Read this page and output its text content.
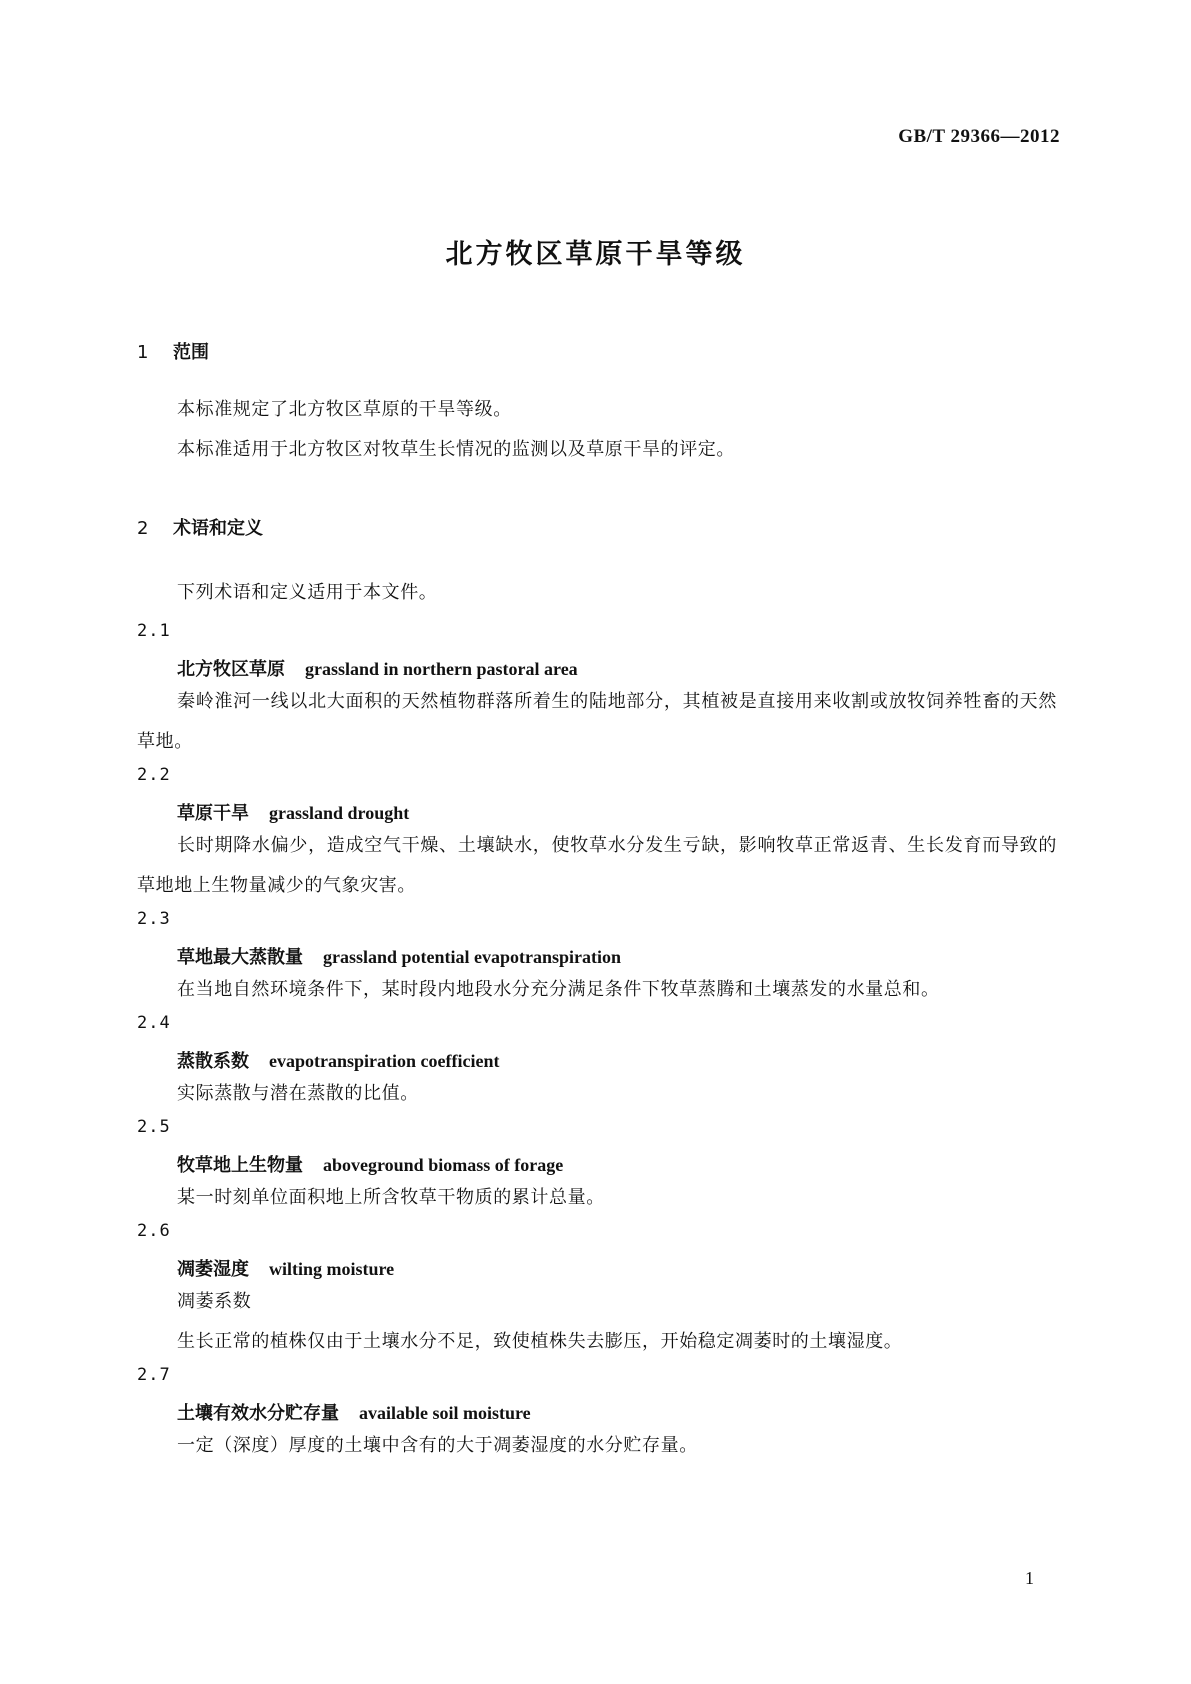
GB/T 29366—2012
北方牧区草原干旱等级
1 范围
本标准规定了北方牧区草原的干旱等级。
本标准适用于北方牧区对牧草生长情况的监测以及草原干旱的评定。
2 术语和定义
下列术语和定义适用于本文件。
2.1
北方牧区草原 grassland in northern pastoral area
秦岭淮河一线以北大面积的天然植物群落所着生的陆地部分，其植被是直接用来收割或放牧饲养牲畜的天然草地。
2.2
草原干旱 grassland drought
长时期降水偏少，造成空气干燥、土壤缺水，使牧草水分发生亏缺，影响牧草正常返青、生长发育而导致的草地地上生物量减少的气象灾害。
2.3
草地最大蒸散量 grassland potential evapotranspiration
在当地自然环境条件下，某时段内地段水分充分满足条件下牧草蒸腾和土壤蒸发的水量总和。
2.4
蒸散系数 evapotranspiration coefficient
实际蒸散与潜在蒸散的比值。
2.5
牧草地上生物量 aboveground biomass of forage
某一时刻单位面积地上所含牧草干物质的累计总量。
2.6
凋萎湿度 wilting moisture
凋萎系数
生长正常的植株仅由于土壤水分不足，致使植株失去膨压，开始稳定凋萎时的土壤湿度。
2.7
土壤有效水分贮存量 available soil moisture
一定（深度）厚度的土壤中含有的大于凋萎湿度的水分贮存量。
1
